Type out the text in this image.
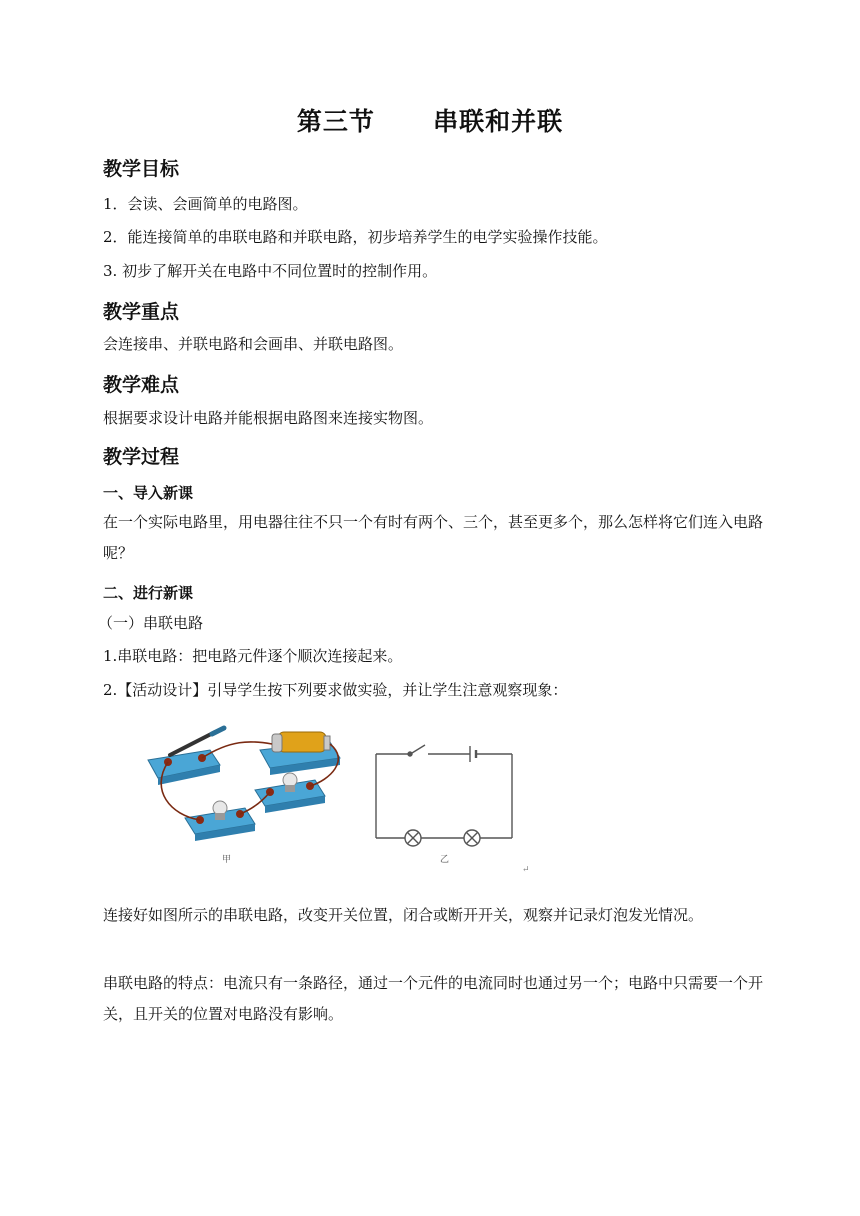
第三节      串联和并联
教学目标
1．会读、会画简单的电路图。
2．能连接简单的串联电路和并联电路，初步培养学生的电学实验操作技能。
3. 初步了解开关在电路中不同位置时的控制作用。
教学重点
会连接串、并联电路和会画串、并联电路图。
教学难点
根据要求设计电路并能根据电路图来连接实物图。
教学过程
一、导入新课
在一个实际电路里，用电器往往不只一个有时有两个、三个，甚至更多个，那么怎样将它们连入电路呢？
二、进行新课
（一）串联电路
1.串联电路：把电路元件逐个顺次连接起来。
2.【活动设计】引导学生按下列要求做实验，并让学生注意观察现象：
甲	乙
↵
连接好如图所示的串联电路，改变开关位置，闭合或断开开关，观察并记录灯泡发光情况。
串联电路的特点：电流只有一条路径，通过一个元件的电流同时也通过另一个；电路中只需要一个开关，且开关的位置对电路没有影响。
